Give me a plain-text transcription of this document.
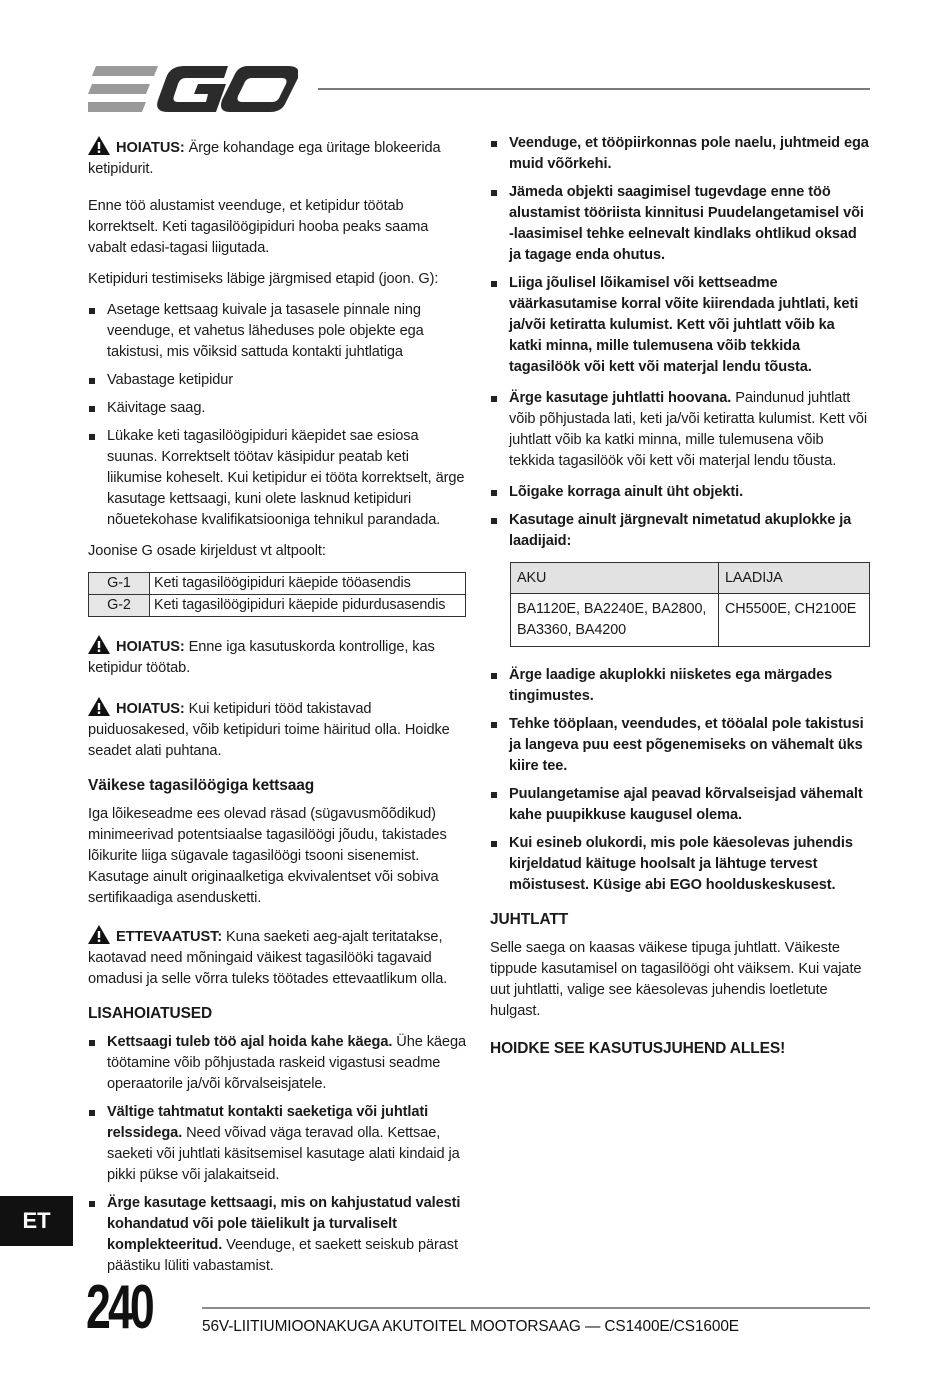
HOIATUS: Ärge kohandage ega üritage blokeerida ketipidurit.

Enne töö alustamist veenduge, et ketipidur töötab korrektselt. Keti tagasilöögipiduri hooba peaks saama vabalt edasi-tagasi liigutada.

Ketipiduri testimiseks läbige järgmised etapid (joon. G):

Asetage kettsaag kuivale ja tasasele pinnale ning veenduge, et vahetus läheduses pole objekte ega takistusi, mis võiksid sattuda kontakti juhtlatiga
Vabastage ketipidur
Käivitage saag.
Lükake keti tagasilöögipiduri käepidet sae esiosa suunas. Korrektselt töötav käsipidur peatab keti liikumise koheselt. Kui ketipidur ei tööta korrektselt, ärge kasutage kettsaagi, kuni olete lasknud ketipiduri nõuetekohase kvalifikatsiooniga tehnikul parandada.

Joonise G osade kirjeldust vt altpoolt:

G-1	Keti tagasilöögipiduri käepide tööasendis
G-2	Keti tagasilöögipiduri käepide pidurdusasendis

HOIATUS: Enne iga kasutuskorda kontrollige, kas ketipidur töötab.

HOIATUS: Kui ketipiduri tööd takistavad puiduosakesed, võib ketipiduri toime häiritud olla. Hoidke seadet alati puhtana.

Väikese tagasilöögiga kettsaag

Iga lõikeseadme ees olevad räsad (sügavusmõõdikud) minimeerivad potentsiaalse tagasilöögi jõudu, takistades lõikurite liiga sügavale tagasilöögi tsooni sisenemist. Kasutage ainult originaalketiga ekvivalentset või sobiva sertifikaadiga asendusketti.

ETTEVAATUST: Kuna saeketi aeg-ajalt teritatakse, kaotavad need mõningaid väikest tagasilööki tagavaid omadusi ja selle võrra tuleks töötades ettevaatlikum olla.

LISAHOIATUSED
Kettsaagi tuleb töö ajal hoida kahe käega. Ühe käega töötamine võib põhjustada raskeid vigastusi seadme operaatorile ja/või kõrvalseisjatele.
Vältige tahtmatut kontakti saeketiga või juhtlati relssidega. Need võivad väga teravad olla. Kettsae, saeketi või juhtlati käsitsemisel kasutage alati kindaid ja pikki pükse või jalakaitseid.
Ärge kasutage kettsaagi, mis on kahjustatud valesti kohandatud või pole täielikult ja turvaliselt komplekteeritud. Veenduge, et saekett seiskub pärast päästiku lüliti vabastamist.
Veenduge, et tööpiirkonnas pole naelu, juhtmeid ega muid võõrkehi.
Jämeda objekti saagimisel tugevdage enne töö alustamist tööriista kinnitusi Puudelangetamisel või -laasimisel tehke eelnevalt kindlaks ohtlikud oksad ja tagage enda ohutus.
Liiga jõulisel lõikamisel või kettseadme väärkasutamise korral võite kiirendada juhtlati, keti ja/või ketiratta kulumist. Kett või juhtlatt võib ka katki minna, mille tulemusena võib tekkida tagasilöök või kett või materjal lendu tõusta.
Ärge kasutage juhtlatti hoovana. Paindunud juhtlatt võib põhjustada lati, keti ja/või ketiratta kulumist. Kett või juhtlatt võib ka katki minna, mille tulemusena võib tekkida tagasilöök või kett või materjal lendu tõusta.
Lõigake korraga ainult üht objekti.
Kasutage ainult järgnevalt nimetatud akuplokke ja laadijaid:
AKU	LAADIJA
BA1120E, BA2240E, BA2800, BA3360, BA4200	CH5500E, CH2100E
Ärge laadige akuplokki niisketes ega märgades tingimustes.
Tehke tööplaan, veendudes, et tööalal pole takistusi ja langeva puu eest põgenemiseks on vähemalt üks kiire tee.
Puulangetamise ajal peavad kõrvalseisjad vähemalt kahe puupikkuse kaugusel olema.
Kui esineb olukordi, mis pole käesolevas juhendis kirjeldatud käituge hoolsalt ja lähtuge tervest mõistusest. Küsige abi EGO hoolduskeskusest.
JUHTLATT

Selle saega on kaasas väikese tipuga juhtlatt. Väikeste tippude kasutamisel on tagasilöögi oht väiksem. Kui vajate uut juhtlatti, valige see käesolevas juhendis loetletute hulgast.

HOIDKE SEE KASUTUSJUHEND ALLES!

ET
240	56V-LIITIUMIOONAKUGA AKUTOITEL MOOTORSAAG — CS1400E/CS1600E
